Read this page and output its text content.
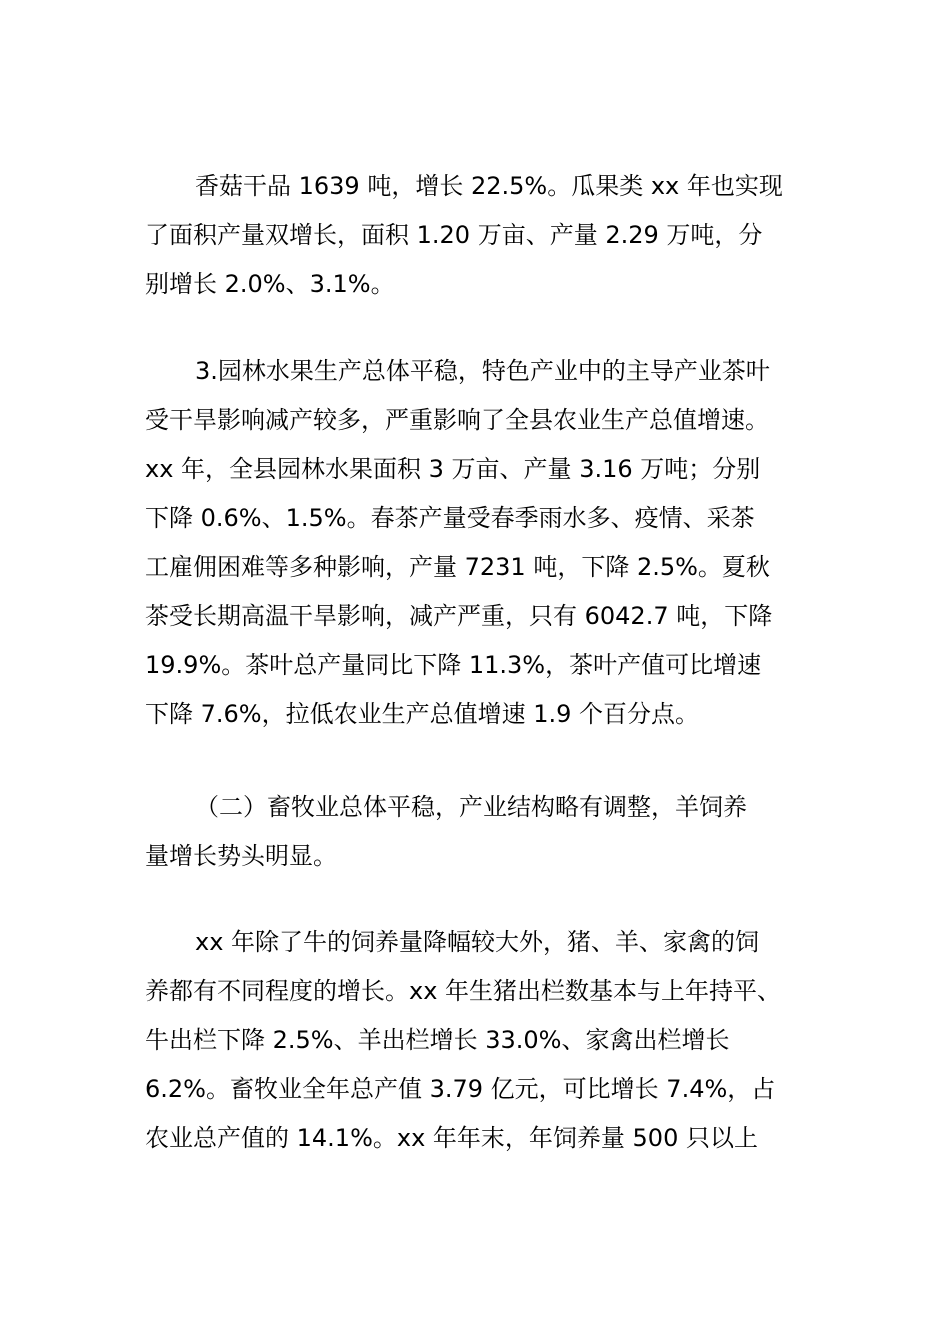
香菇干品 1639 吨，增长 22.5%。瓜果类 xx 年也实现
了面积产量双增长，面积 1.20 万亩、产量 2.29 万吨，分
别增长 2.0%、3.1%。
3.园林水果生产总体平稳，特色产业中的主导产业茶叶
受干旱影响减产较多，严重影响了全县农业生产总值增速。
xx 年，全县园林水果面积 3 万亩、产量 3.16 万吨；分别
下降 0.6%、1.5%。春茶产量受春季雨水多、疫情、采茶
工雇佣困难等多种影响，产量 7231 吨，下降 2.5%。夏秋
茶受长期高温干旱影响，减产严重，只有 6042.7 吨，下降
19.9%。茶叶总产量同比下降 11.3%，茶叶产值可比增速
下降 7.6%，拉低农业生产总值增速 1.9 个百分点。
（二）畜牧业总体平稳，产业结构略有调整，羊饲养
量增长势头明显。
xx 年除了牛的饲养量降幅较大外，猪、羊、家禽的饲
养都有不同程度的增长。xx 年生猪出栏数基本与上年持平、
牛出栏下降 2.5%、羊出栏增长 33.0%、家禽出栏增长
6.2%。畜牧业全年总产值 3.79 亿元，可比增长 7.4%，占
农业总产值的 14.1%。xx 年年末，年饲养量 500 只以上
